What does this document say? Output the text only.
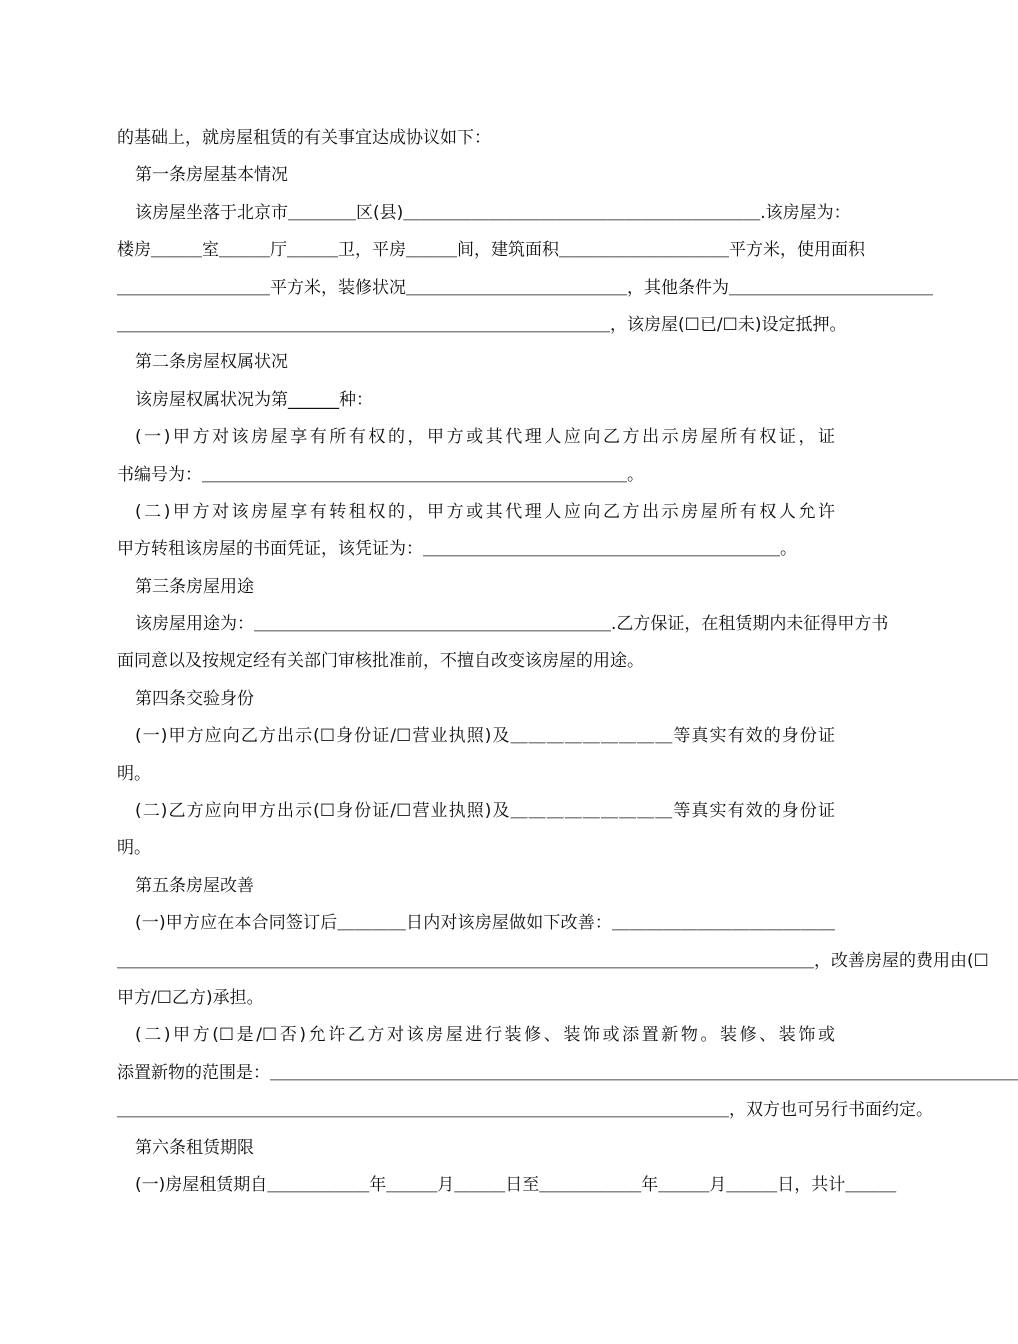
的基础上，就房屋租赁的有关事宜达成协议如下：
第一条房屋基本情况
该房屋坐落于北京市＿＿＿＿区(县)＿＿＿＿＿＿＿＿＿＿＿＿＿＿＿＿＿＿＿＿＿.该房屋为：
楼房＿＿＿室＿＿＿厅＿＿＿卫，平房＿＿＿间，建筑面积＿＿＿＿＿＿＿＿＿＿平方米，使用面积
＿＿＿＿＿＿＿＿＿平方米，装修状况＿＿＿＿＿＿＿＿＿＿＿＿＿，其他条件为＿＿＿＿＿＿＿＿＿＿＿＿
＿＿＿＿＿＿＿＿＿＿＿＿＿＿＿＿＿＿＿＿＿＿＿＿＿＿＿＿＿，该房屋(☐已/☐未)设定抵押。
第二条房屋权属状况
该房屋权属状况为第______种：
(一)甲方对该房屋享有所有权的，甲方或其代理人应向乙方出示房屋所有权证，证
书编号为：＿＿＿＿＿＿＿＿＿＿＿＿＿＿＿＿＿＿＿＿＿＿＿＿＿。
(二)甲方对该房屋享有转租权的，甲方或其代理人应向乙方出示房屋所有权人允许
甲方转租该房屋的书面凭证，该凭证为：＿＿＿＿＿＿＿＿＿＿＿＿＿＿＿＿＿＿＿＿＿。
第三条房屋用途
该房屋用途为：＿＿＿＿＿＿＿＿＿＿＿＿＿＿＿＿＿＿＿＿＿.乙方保证，在租赁期内未征得甲方书
面同意以及按规定经有关部门审核批准前，不擅自改变该房屋的用途。
第四条交验身份
(一)甲方应向乙方出示(☐身份证/☐营业执照)及＿＿＿＿＿＿＿＿＿等真实有效的身份证
明。
(二)乙方应向甲方出示(☐身份证/☐营业执照)及＿＿＿＿＿＿＿＿＿等真实有效的身份证
明。
第五条房屋改善
(一)甲方应在本合同签订后＿＿＿＿日内对该房屋做如下改善：＿＿＿＿＿＿＿＿＿＿＿＿＿
＿＿＿＿＿＿＿＿＿＿＿＿＿＿＿＿＿＿＿＿＿＿＿＿＿＿＿＿＿＿＿＿＿＿＿＿＿＿＿＿＿，改善房屋的费用由(☐
甲方/☐乙方)承担。
(二)甲方(☐是/☐否)允许乙方对该房屋进行装修、装饰或添置新物。装修、装饰或
添置新物的范围是：＿＿＿＿＿＿＿＿＿＿＿＿＿＿＿＿＿＿＿＿＿＿＿＿＿＿＿＿＿＿＿＿＿＿＿＿＿＿＿＿＿＿＿＿
＿＿＿＿＿＿＿＿＿＿＿＿＿＿＿＿＿＿＿＿＿＿＿＿＿＿＿＿＿＿＿＿＿＿＿＿，双方也可另行书面约定。
第六条租赁期限
(一)房屋租赁期自＿＿＿＿＿＿年＿＿＿月＿＿＿日至＿＿＿＿＿＿年＿＿＿月＿＿＿日，共计＿＿＿
